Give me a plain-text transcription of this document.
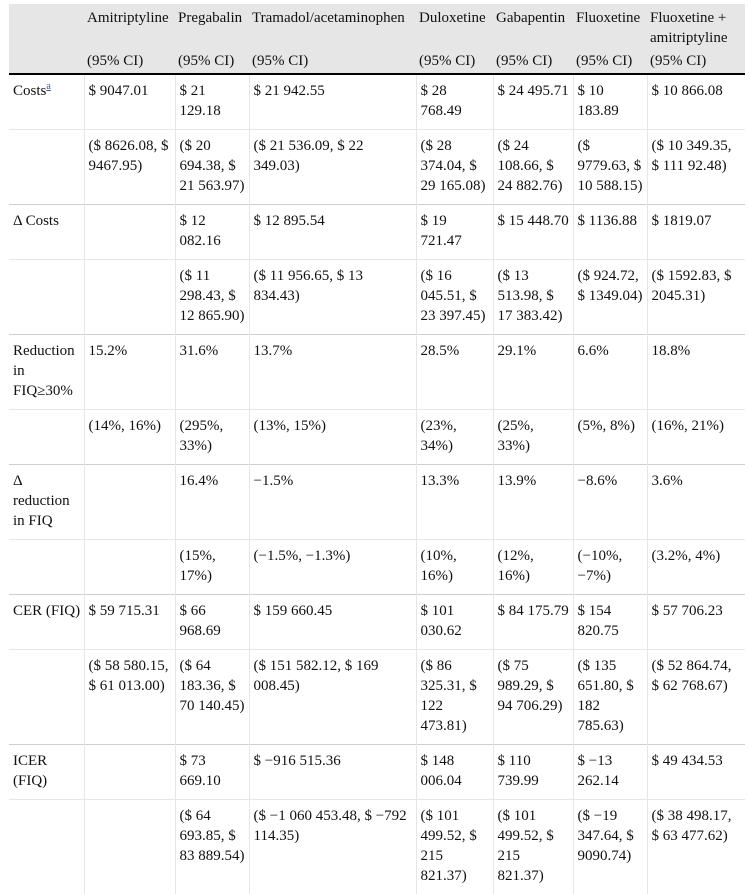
	Amitriptyline	Pregabalin	Tramadol/acetaminophen	Duloxetine	Gabapentin	Fluoxetine	Fluoxetine + amitriptyline
	(95% CI)	(95% CI)	(95% CI)	(95% CI)	(95% CI)	(95% CI)	(95% CI)
Costs$^a$	$ 9047.01	$ 21 129.18	$ 21 942.55	$ 28 768.49	$ 24 495.71	$ 10 183.89	$ 10 866.08
	($ 8626.08, $ 9467.95)	($ 20 694.38, $ 21 563.97)	($ 21 536.09, $ 22 349.03)	($ 28 374.04, $ 29 165.08)	($ 24 108.66, $ 24 882.76)	($ 9779.63, $ 10 588.15)	($ 10 349.35, $ 111 92.48)
Δ Costs		$ 12 082.16	$ 12 895.54	$ 19 721.47	$ 15 448.70	$ 1136.88	$ 1819.07
		($ 11 298.43, $ 12 865.90)	($ 11 956.65, $ 13 834.43)	($ 16 045.51, $ 23 397.45)	($ 13 513.98, $ 17 383.42)	($ 924.72, $ 1349.04)	($ 1592.83, $ 2045.31)
Reduction in FIQ≥30%	15.2%	31.6%	13.7%	28.5%	29.1%	6.6%	18.8%
	(14%, 16%)	(295%, 33%)	(13%, 15%)	(23%, 34%)	(25%, 33%)	(5%, 8%)	(16%, 21%)
Δ reduction in FIQ		16.4%	−1.5%	13.3%	13.9%	−8.6%	3.6%
		(15%, 17%)	(−1.5%, −1.3%)	(10%, 16%)	(12%, 16%)	(−10%, −7%)	(3.2%, 4%)
CER (FIQ)	$ 59 715.31	$ 66 968.69	$ 159 660.45	$ 101 030.62	$ 84 175.79	$ 154 820.75	$ 57 706.23
	($ 58 580.15, $ 61 013.00)	($ 64 183.36, $ 70 140.45)	($ 151 582.12, $ 169 008.45)	($ 86 325.31, $ 122 473.81)	($ 75 989.29, $ 94 706.29)	($ 135 651.80, $ 182 785.63)	($ 52 864.74, $ 62 768.67)
ICER (FIQ)		$ 73 669.10	$ −916 515.36	$ 148 006.04	$ 110 739.99	$ −13 262.14	$ 49 434.53
		($ 64 693.85, $ 83 889.54)	($ −1 060 453.48, $ −792 114.35)	($ 101 499.52, $ 215 821.37)	($ 101 499.52, $ 215 821.37)	($ −19 347.64, $ 9090.74)	($ 38 498.17, $ 63 477.62)
